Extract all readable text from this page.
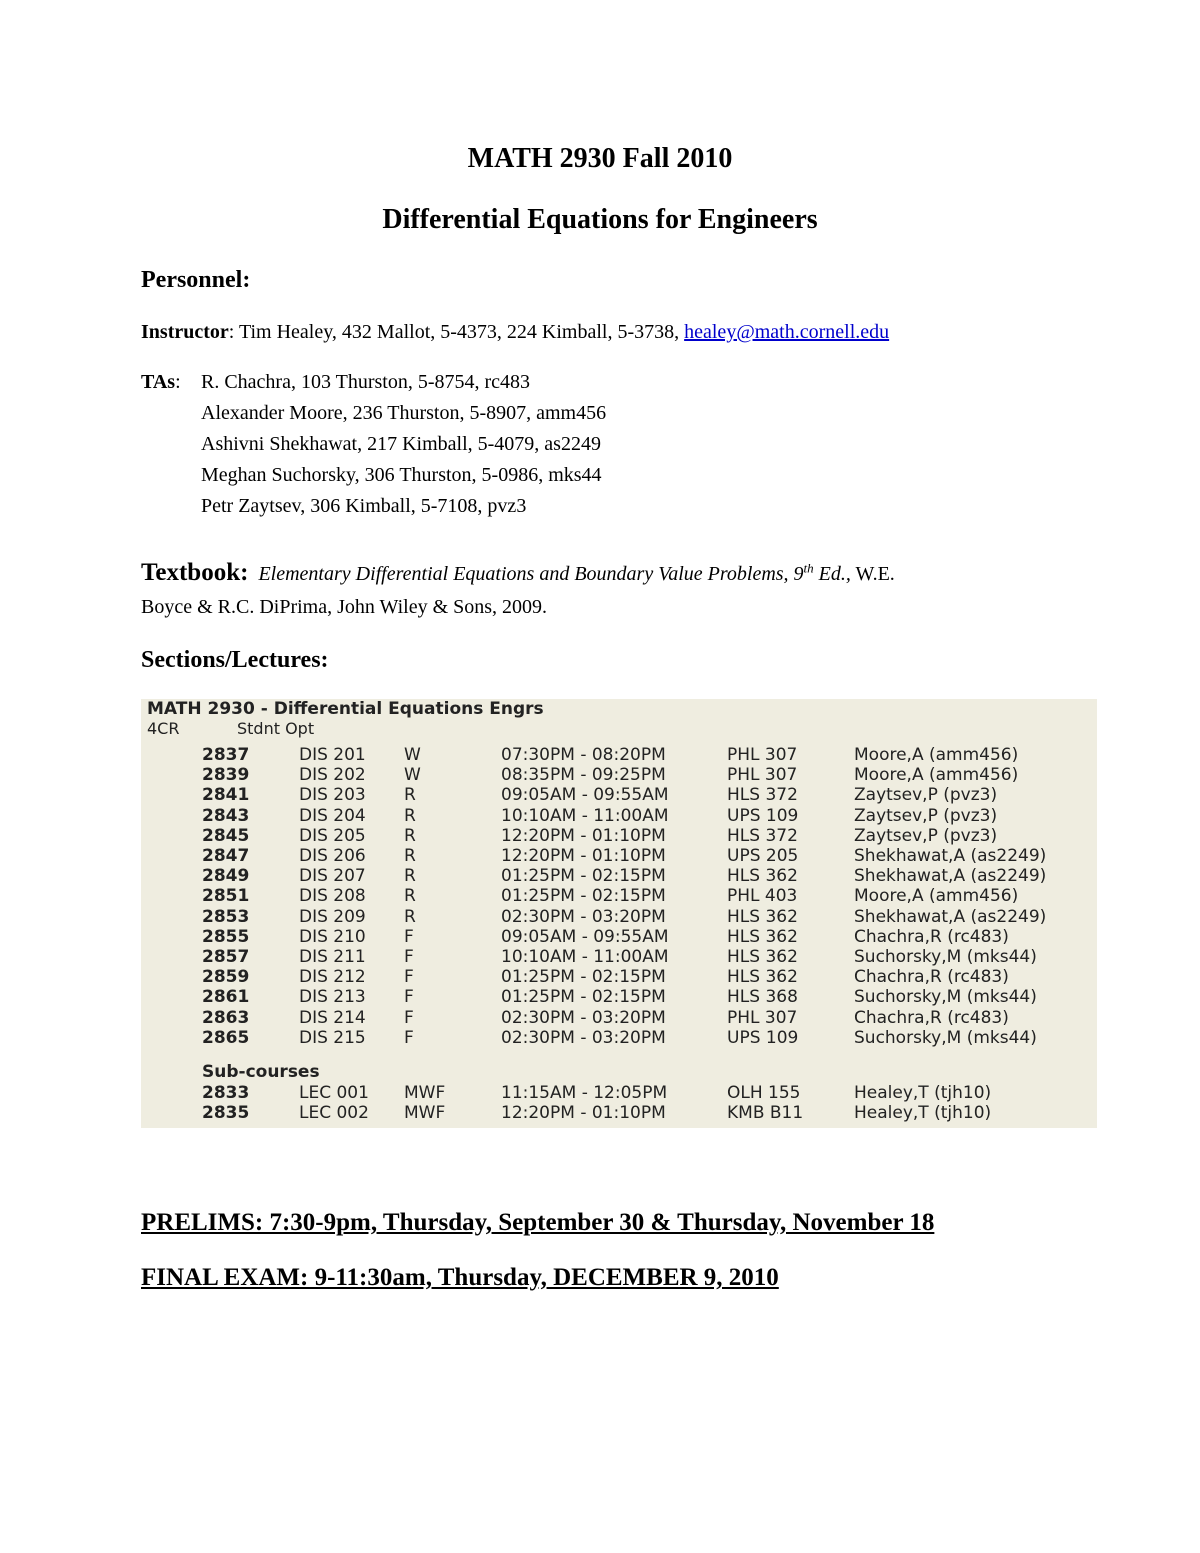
MATH 2930 Fall 2010
Differential Equations for Engineers
Personnel:
Instructor: Tim Healey, 432 Mallot, 5-4373, 224 Kimball, 5-3738, healey@math.cornell.edu
TAs: R. Chachra, 103 Thurston, 5-8754, rc483
Alexander Moore, 236 Thurston, 5-8907, amm456
Ashivni Shekhawat, 217 Kimball, 5-4079, as2249
Meghan Suchorsky, 306 Thurston, 5-0986, mks44
Petr Zaytsev, 306 Kimball, 5-7108, pvz3
Textbook: Elementary Differential Equations and Boundary Value Problems, 9th Ed., W.E.
Boyce & R.C. DiPrima, John Wiley & Sons, 2009.
Sections/Lectures:
MATH 2930 - Differential Equations Engrs
4CR	Stdnt Opt
2837	DIS 201 W	07:30PM - 08:20PM	PHL 307	Moore,A (amm456)
2839	DIS 202 W	08:35PM - 09:25PM	PHL 307	Moore,A (amm456)
2841	DIS 203 R	09:05AM - 09:55AM	HLS 372	Zaytsev,P (pvz3)
2843	DIS 204 R	10:10AM - 11:00AM	UPS 109	Zaytsev,P (pvz3)
2845	DIS 205 R	12:20PM - 01:10PM	HLS 372	Zaytsev,P (pvz3)
2847	DIS 206 R	12:20PM - 01:10PM	UPS 205	Shekhawat,A (as2249)
2849	DIS 207 R	01:25PM - 02:15PM	HLS 362	Shekhawat,A (as2249)
2851	DIS 208 R	01:25PM - 02:15PM	PHL 403	Moore,A (amm456)
2853	DIS 209 R	02:30PM - 03:20PM	HLS 362	Shekhawat,A (as2249)
2855	DIS 210 F	09:05AM - 09:55AM	HLS 362	Chachra,R (rc483)
2857	DIS 211 F	10:10AM - 11:00AM	HLS 362	Suchorsky,M (mks44)
2859	DIS 212 F	01:25PM - 02:15PM	HLS 362	Chachra,R (rc483)
2861	DIS 213 F	01:25PM - 02:15PM	HLS 368	Suchorsky,M (mks44)
2863	DIS 214 F	02:30PM - 03:20PM	PHL 307	Chachra,R (rc483)
2865	DIS 215 F	02:30PM - 03:20PM	UPS 109	Suchorsky,M (mks44)
Sub-courses
2833	LEC 001 MWF	11:15AM - 12:05PM	OLH 155	Healey,T (tjh10)
2835	LEC 002 MWF	12:20PM - 01:10PM	KMB B11	Healey,T (tjh10)
PRELIMS: 7:30-9pm, Thursday, September 30 & Thursday, November 18
FINAL EXAM: 9-11:30am, Thursday, DECEMBER 9, 2010
